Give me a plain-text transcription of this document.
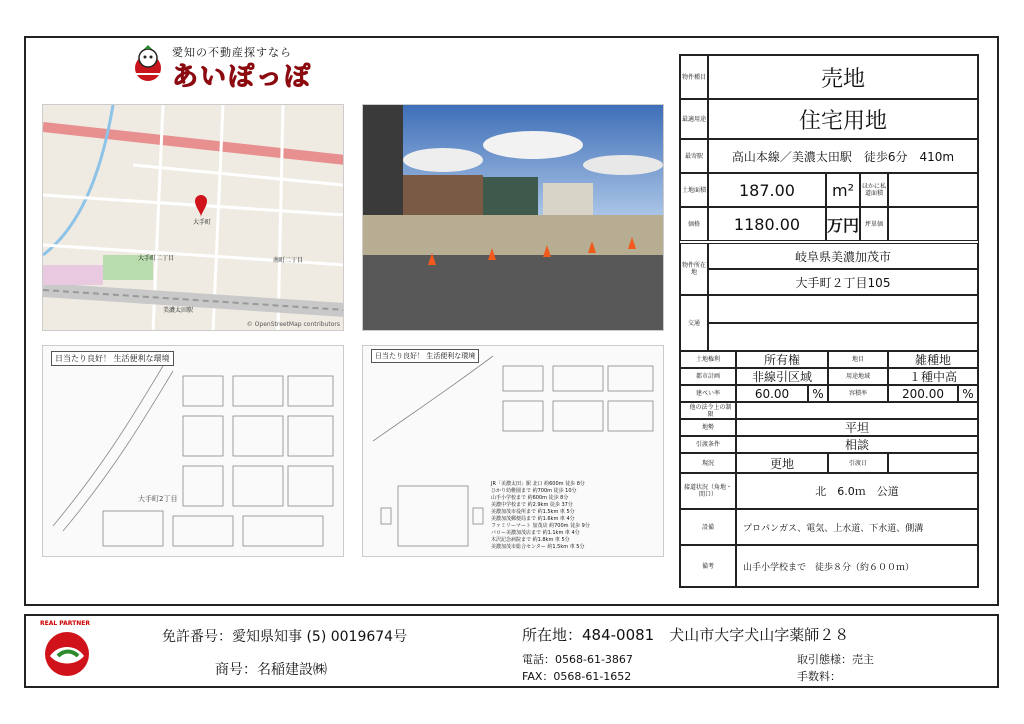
愛知の不動産探すなら
あいぽっぽ
美濃太田駅
大手町
南町二丁目
大手町二丁目
© OpenStreetMap contributors
日当たり良好！ 生活便利な環境
大手町2丁目
日当たり良好！ 生活便利な環境
JR「美濃太田」駅 北口 約600m 徒歩 8分
ひかり幼稚園まで 約700m 徒歩 10分
山手小学校まで 約600m 徒歩 8分
美濃中学校まで 約2.9km 徒歩 37分
美濃加茂市役所まで 約1.5km 車 5分
美濃加茂郵便局まで 約1.6km 車 4分
ファミリーマート 加茂店 約700m 徒歩 9分
バロー美濃加茂店まで 約1.1km 車 4分
木沢記念病院まで 約1.8km 車 5分
美濃加茂市総合センター 約1.5km 車 5分
物件種目	売地
最適用途	住宅用地
最寄駅	高山本線／美濃太田駅　徒歩6分　410m
土地面積	187.00	m²	ほかに私道面積
価格	1180.00	万円 坪単価
物件所在地
岐阜県美濃加茂市
大手町２丁目105
交通
土地権利	所有権	地目	雑種地
都市計画	非線引区域	用途地域	１種中高
建ぺい率	60.00	%	容積率	200.00	%
他の法令上の制限
地勢	平坦
引渡条件	相談
現況	更地	引渡日
接道状況（角地・間口）	北　6.0ｍ　公道
設備	プロパンガス、電気、上水道、下水道、側溝
備考	山手小学校まで　徒歩８分（約６００ｍ）
REAL PARTNER
免許番号：愛知県知事 (5) 0019674号
商号：名稲建設㈱
所在地：484-0081　犬山市大字犬山字薬師２８
電話：0568-61-3867
FAX：0568-61-1652
取引態様：売主
手数料：
